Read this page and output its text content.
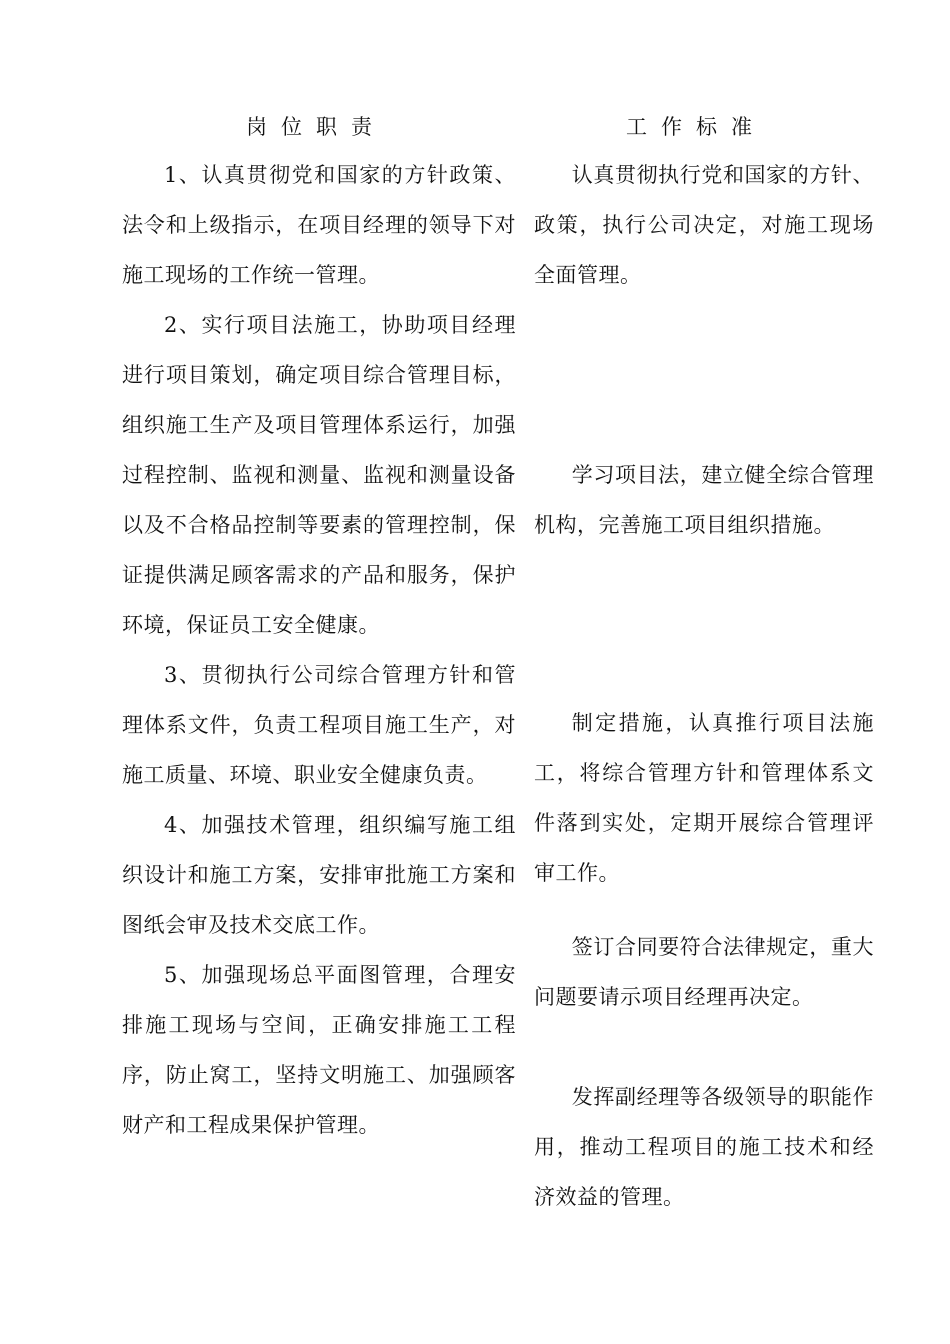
岗位职责	工作标准

1、认真贯彻党和国家的方针政策、法令和上级指示，在项目经理的领导下对施工现场的工作统一管理。

2、实行项目法施工，协助项目经理进行项目策划，确定项目综合管理目标，组织施工生产及项目管理体系运行，加强过程控制、监视和测量、监视和测量设备以及不合格品控制等要素的管理控制，保证提供满足顾客需求的产品和服务，保护环境，保证员工安全健康。

3、贯彻执行公司综合管理方针和管理体系文件，负责工程项目施工生产，对施工质量、环境、职业安全健康负责。

4、加强技术管理，组织编写施工组织设计和施工方案，安排审批施工方案和图纸会审及技术交底工作。

5、加强现场总平面图管理，合理安排施工现场与空间，正确安排施工工程序，防止窝工，坚持文明施工、加强顾客财产和工程成果保护管理。

认真贯彻执行党和国家的方针、政策，执行公司决定，对施工现场全面管理。

学习项目法，建立健全综合管理机构，完善施工项目组织措施。

制定措施，认真推行项目法施工，将综合管理方针和管理体系文件落到实处，定期开展综合管理评审工作。

签订合同要符合法律规定，重大问题要请示项目经理再决定。

发挥副经理等各级领导的职能作用，推动工程项目的施工技术和经济效益的管理。
